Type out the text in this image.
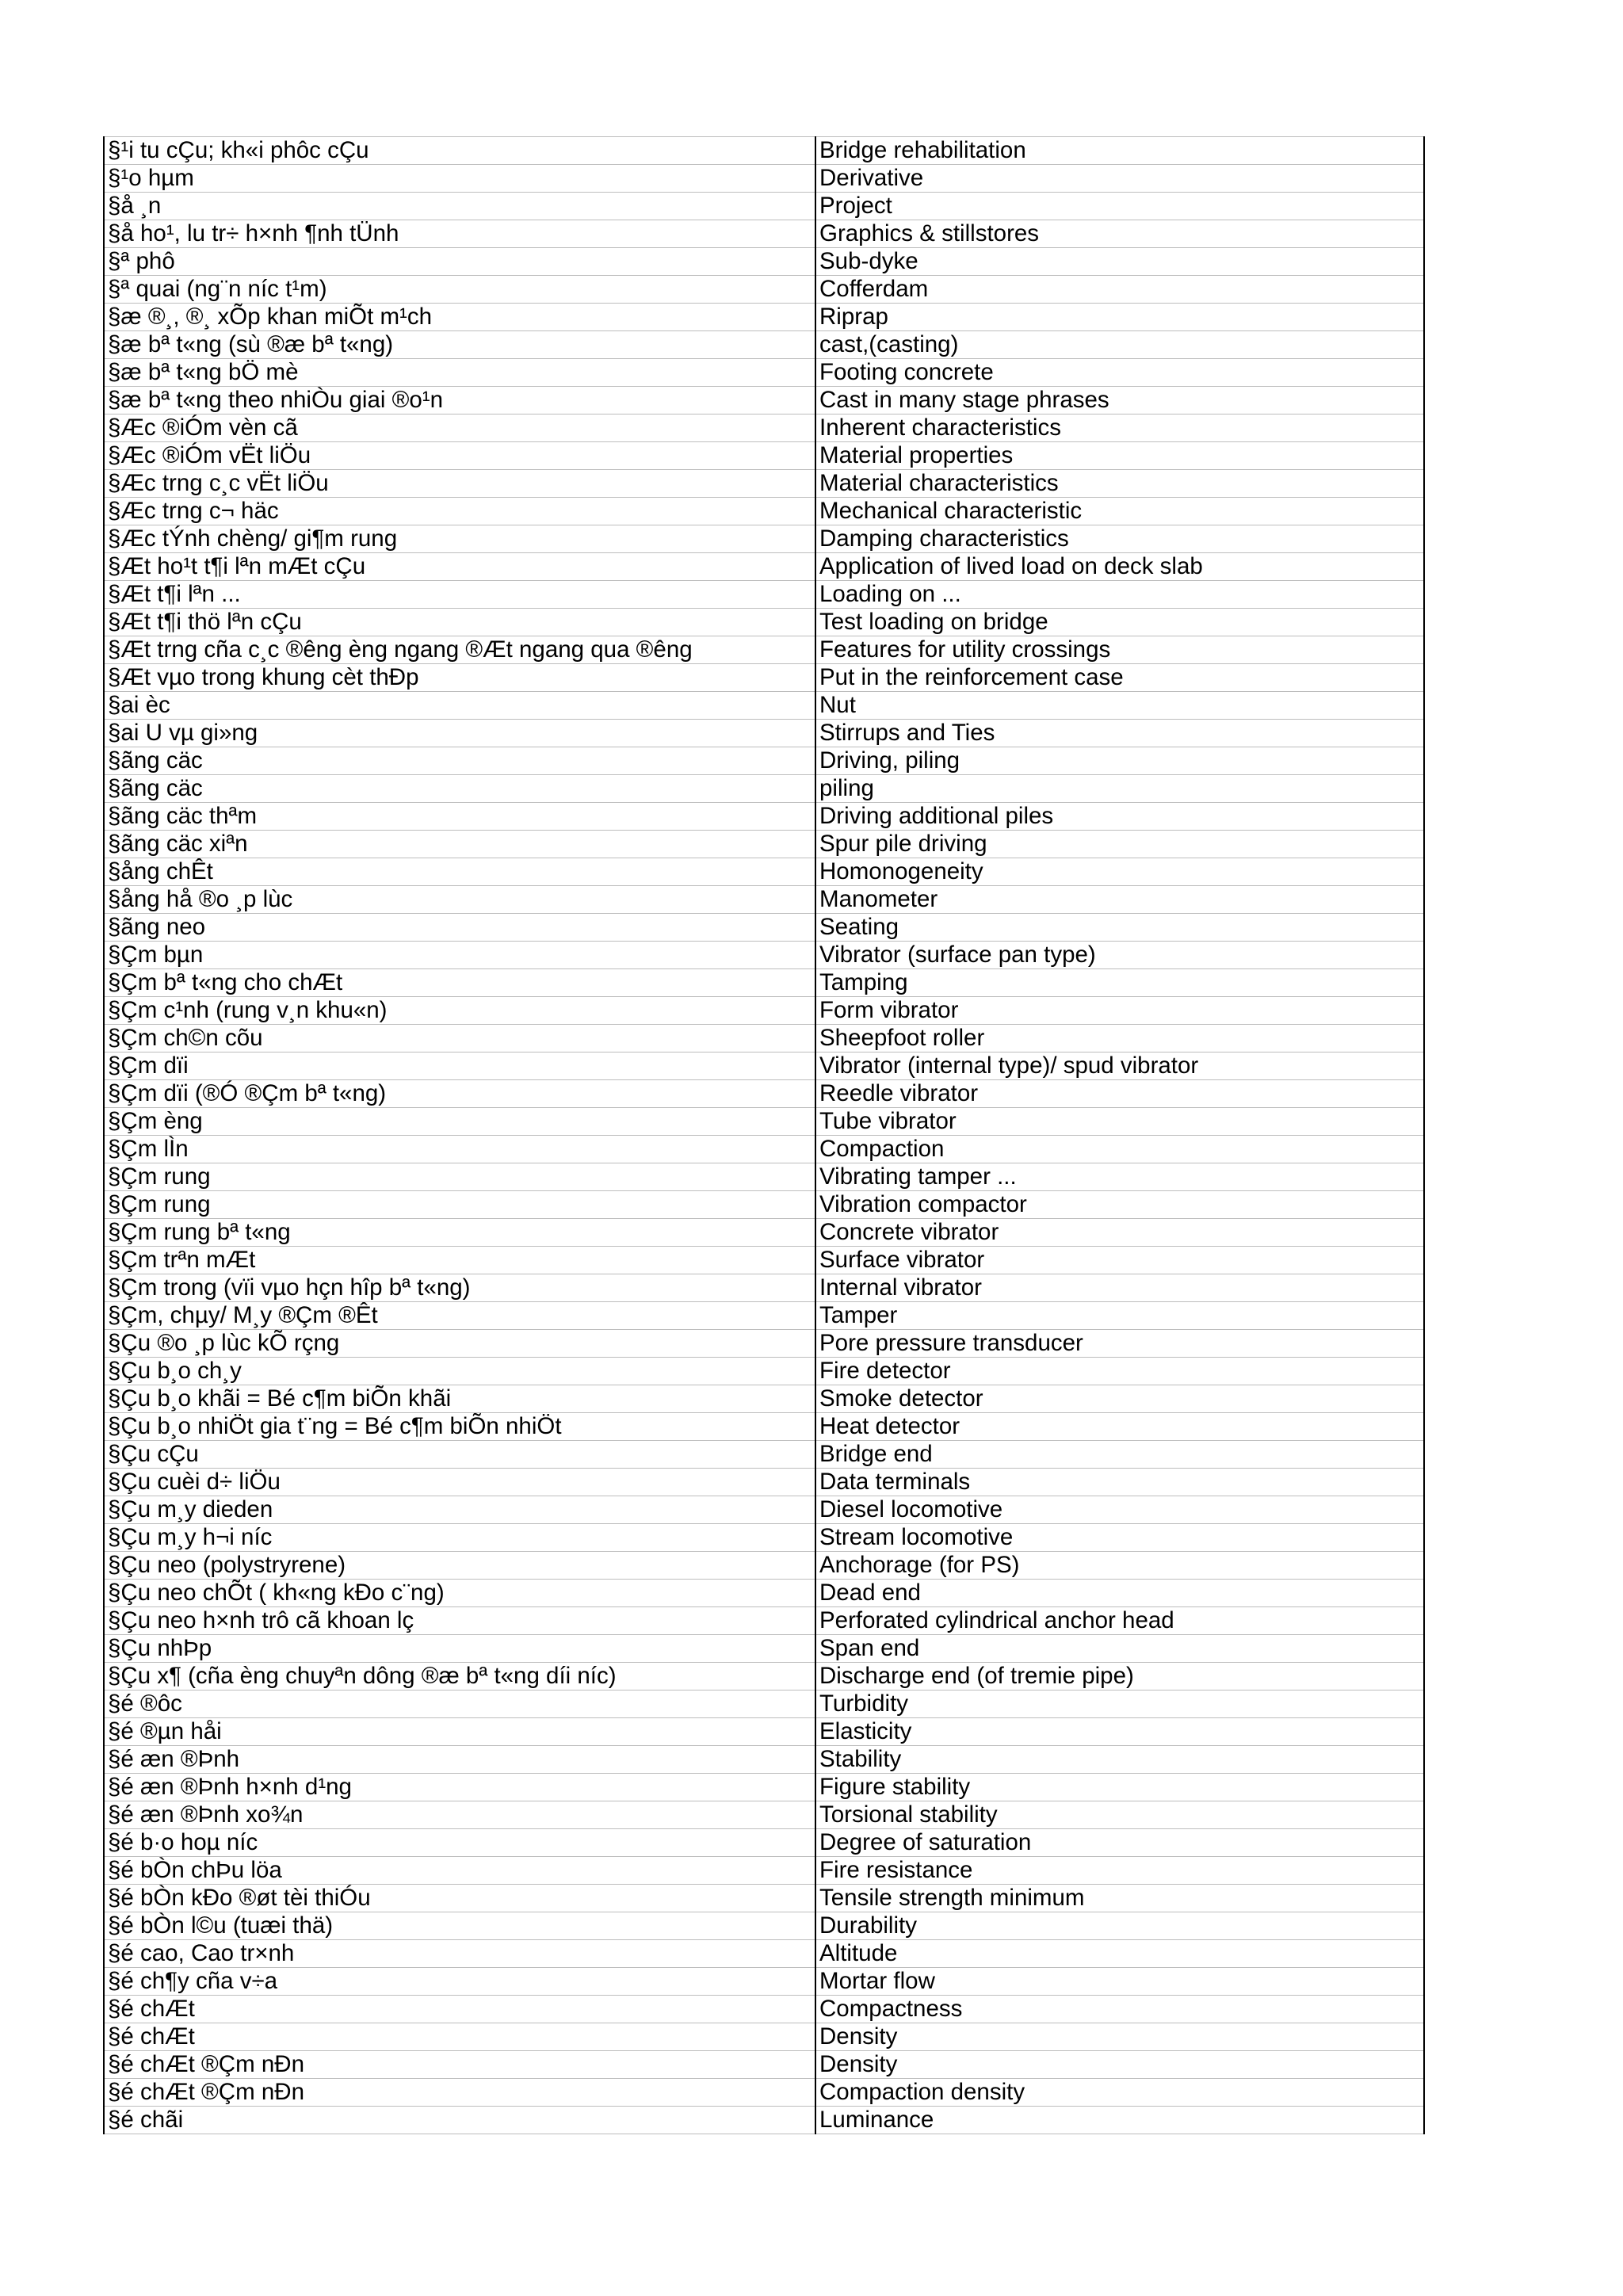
§¹i tu cÇu; kh«i phôc cÇu	Bridge rehabilitation
§¹o hµm	Derivative
§å ¸n	Project
§å ho¹, lu tr÷ h×nh ¶nh tÜnh	Graphics & stillstores
§ª phô	Sub-dyke
§ª quai (ng¨n níc t¹m)	Cofferdam
§æ ®¸, ®¸ xÕp khan miÕt m¹ch	Riprap
§æ bª t«ng (sù ®æ bª t«ng)	cast,(casting)
§æ bª t«ng bÖ mè	Footing concrete
§æ bª t«ng theo nhiÒu giai ®o¹n	Cast in many stage phrases
§Æc ®iÓm vèn cã	Inherent characteristics
§Æc ®iÓm vËt liÖu	Material properties
§Æc trng c¸c vËt liÖu	Material characteristics
§Æc trng c¬ häc	Mechanical characteristic
§Æc tÝnh chèng/ gi¶m rung	Damping characteristics
§Æt ho¹t t¶i lªn mÆt cÇu	Application of lived load on deck slab
§Æt t¶i lªn ...	Loading on ...
§Æt t¶i thö lªn cÇu	Test loading on bridge
§Æt trng cña c¸c ®êng èng ngang ®Æt ngang qua ®êng	Features for utility crossings
§Æt vµo trong khung cèt thÐp	Put in the reinforcement case
§ai èc	Nut
§ai U vµ gi»ng	Stirrups and Ties
§ãng cäc	Driving, piling
§ãng cäc	piling
§ãng cäc thªm	Driving additional piles
§ãng cäc xiªn	Spur pile driving
§ång chÊt	Homonogeneity
§ång hå ®o ¸p lùc	Manometer
§ãng neo	Seating
§Çm bµn	Vibrator (surface pan type)
§Çm bª t«ng cho chÆt	Tamping
§Çm c¹nh (rung v¸n khu«n)	Form vibrator
§Çm ch©n cõu	Sheepfoot roller
§Çm dïi	Vibrator (internal type)/ spud vibrator
§Çm dïi (®Ó ®Çm bª t«ng)	Reedle vibrator
§Çm èng	Tube vibrator
§Çm lÌn	Compaction
§Çm rung	Vibrating tamper ...
§Çm rung	Vibration compactor
§Çm rung bª t«ng	Concrete vibrator
§Çm trªn mÆt	Surface vibrator
§Çm trong (vïi vµo hçn hîp bª t«ng)	Internal vibrator
§Çm, chµy/ M¸y ®Çm ®Êt	Tamper
§Çu ®o ¸p lùc kÕ rçng	Pore pressure transducer
§Çu b¸o ch¸y	Fire detector
§Çu b¸o khãi = Bé c¶m biÕn khãi	Smoke detector
§Çu b¸o nhiÖt gia t¨ng = Bé c¶m biÕn nhiÖt	Heat detector
§Çu cÇu	Bridge end
§Çu cuèi d÷ liÖu	Data terminals
§Çu m¸y dieden	Diesel locomotive
§Çu m¸y h¬i níc	Stream locomotive
§Çu neo (polystryrene)	Anchorage (for PS)
§Çu neo chÕt ( kh«ng kÐo c¨ng)	Dead end
§Çu neo h×nh trô cã khoan lç	Perforated cylindrical anchor head
§Çu nhÞp	Span end
§Çu x¶ (cña èng chuyªn dông ®æ bª t«ng díi níc)	Discharge end (of tremie pipe)
§é ®ôc	Turbidity
§é ®µn håi	Elasticity
§é æn ®Þnh	Stability
§é æn ®Þnh h×nh d¹ng	Figure stability
§é æn ®Þnh xo¾n	Torsional stability
§é b·o hoµ níc	Degree of saturation
§é bÒn chÞu löa	Fire resistance
§é bÒn kÐo ®øt tèi thiÓu	Tensile strength minimum
§é bÒn l©u (tuæi thä)	Durability
§é cao, Cao tr×nh	Altitude
§é ch¶y cña v÷a	Mortar flow
§é chÆt	Compactness
§é chÆt	Density
§é chÆt ®Çm nÐn	Density
§é chÆt ®Çm nÐn	Compaction density
§é chãi	Luminance
